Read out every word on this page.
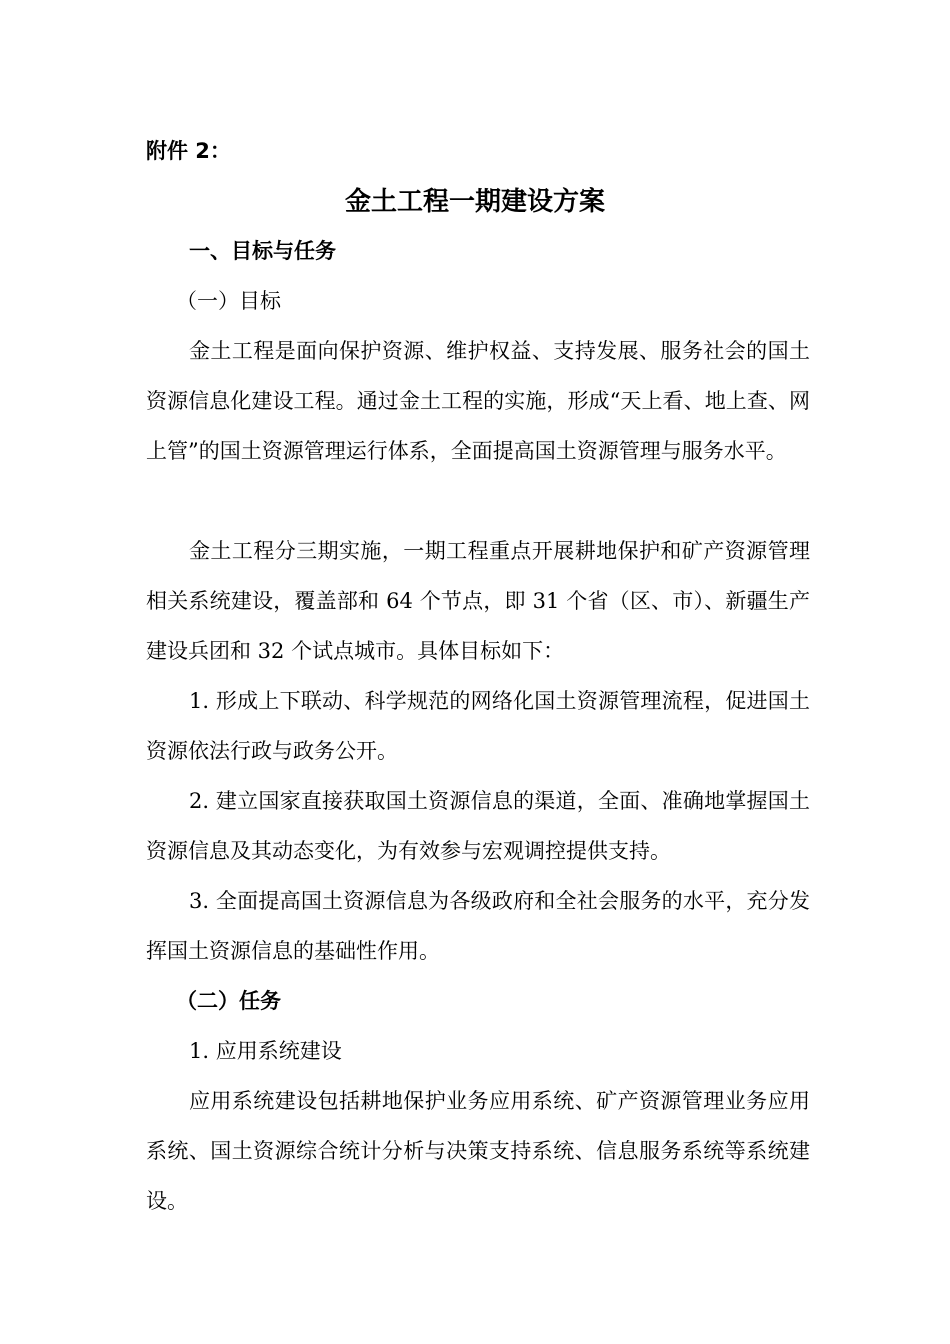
附件 2：
金土工程一期建设方案

一、目标与任务

（一）目标

金土工程是面向保护资源、维护权益、支持发展、服务社会的国土资源信息化建设工程。通过金土工程的实施，形成“天上看、地上查、网上管”的国土资源管理运行体系，全面提高国土资源管理与服务水平。

金土工程分三期实施，一期工程重点开展耕地保护和矿产资源管理相关系统建设，覆盖部和 64 个节点，即 31 个省（区、市）、新疆生产建设兵团和 32 个试点城市。具体目标如下：

1. 形成上下联动、科学规范的网络化国土资源管理流程，促进国土资源依法行政与政务公开。

2. 建立国家直接获取国土资源信息的渠道，全面、准确地掌握国土资源信息及其动态变化，为有效参与宏观调控提供支持。

3. 全面提高国土资源信息为各级政府和全社会服务的水平，充分发挥国土资源信息的基础性作用。

（二）任务

1. 应用系统建设

应用系统建设包括耕地保护业务应用系统、矿产资源管理业务应用系统、国土资源综合统计分析与决策支持系统、信息服务系统等系统建设。
